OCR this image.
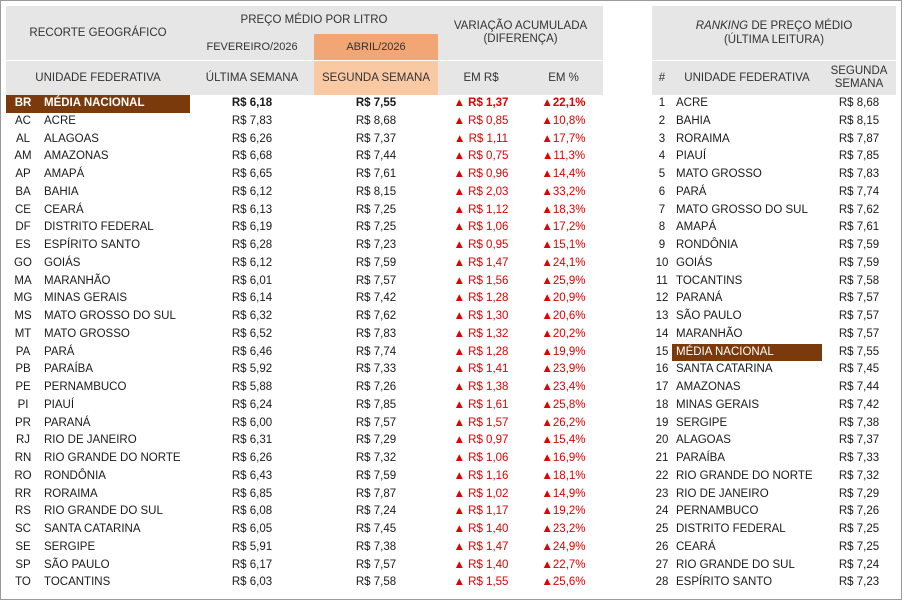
RECORTE GEOGRÁFICO		PREÇO MÉDIO POR LITRO		VARIAÇÃO ACUMULADA
(DIFERENÇA)	
		FEVEREIRO/2026	ABRIL/2026		
UNIDADE FEDERATIVA		ÚLTIMA SEMANA	SEGUNDA SEMANA	EM R$	EM %
BR	MÉDIA NACIONAL	R$ 6,18	R$ 7,55	▲ R$ 1,37	▲22,1%
AC	ACRE	R$ 7,83	R$ 8,68	▲ R$ 0,85	▲10,8%
AL	ALAGOAS	R$ 6,26	R$ 7,37	▲ R$ 1,11	▲17,7%
AM	AMAZONAS	R$ 6,68	R$ 7,44	▲ R$ 0,75	▲11,3%
AP	AMAPÁ	R$ 6,65	R$ 7,61	▲ R$ 0,96	▲14,4%
BA	BAHIA	R$ 6,12	R$ 8,15	▲ R$ 2,03	▲33,2%
CE	CEARÁ	R$ 6,13	R$ 7,25	▲ R$ 1,12	▲18,3%
DF	DISTRITO FEDERAL	R$ 6,19	R$ 7,25	▲ R$ 1,06	▲17,2%
ES	ESPÍRITO SANTO	R$ 6,28	R$ 7,23	▲ R$ 0,95	▲15,1%
GO	GOIÁS	R$ 6,12	R$ 7,59	▲ R$ 1,47	▲24,1%
MA	MARANHÃO	R$ 6,01	R$ 7,57	▲ R$ 1,56	▲25,9%
MG	MINAS GERAIS	R$ 6,14	R$ 7,42	▲ R$ 1,28	▲20,9%
MS	MATO GROSSO DO SUL	R$ 6,32	R$ 7,62	▲ R$ 1,30	▲20,6%
MT	MATO GROSSO	R$ 6,52	R$ 7,83	▲ R$ 1,32	▲20,2%
PA	PARÁ	R$ 6,46	R$ 7,74	▲ R$ 1,28	▲19,9%
PB	PARAÍBA	R$ 5,92	R$ 7,33	▲ R$ 1,41	▲23,9%
PE	PERNAMBUCO	R$ 5,88	R$ 7,26	▲ R$ 1,38	▲23,4%
PI	PIAUÍ	R$ 6,24	R$ 7,85	▲ R$ 1,61	▲25,8%
PR	PARANÁ	R$ 6,00	R$ 7,57	▲ R$ 1,57	▲26,2%
RJ	RIO DE JANEIRO	R$ 6,31	R$ 7,29	▲ R$ 0,97	▲15,4%
RN	RIO GRANDE DO NORTE	R$ 6,26	R$ 7,32	▲ R$ 1,06	▲16,9%
RO	RONDÔNIA	R$ 6,43	R$ 7,59	▲ R$ 1,16	▲18,1%
RR	RORAIMA	R$ 6,85	R$ 7,87	▲ R$ 1,02	▲14,9%
RS	RIO GRANDE DO SUL	R$ 6,08	R$ 7,24	▲ R$ 1,17	▲19,2%
SC	SANTA CATARINA	R$ 6,05	R$ 7,45	▲ R$ 1,40	▲23,2%
SE	SERGIPE	R$ 5,91	R$ 7,38	▲ R$ 1,47	▲24,9%
SP	SÃO PAULO	R$ 6,17	R$ 7,57	▲ R$ 1,40	▲22,7%
TO	TOCANTINS	R$ 6,03	R$ 7,58	▲ R$ 1,55	▲25,6%
RANKING DE PREÇO MÉDIO
(ÚLTIMA LEITURA)		

#	UNIDADE FEDERATIVA	SEGUNDA
SEMANA
1	ACRE	R$ 8,68
2	BAHIA	R$ 8,15
3	RORAIMA	R$ 7,87
4	PIAUÍ	R$ 7,85
5	MATO GROSSO	R$ 7,83
6	PARÁ	R$ 7,74
7	MATO GROSSO DO SUL	R$ 7,62
8	AMAPÁ	R$ 7,61
9	RONDÔNIA	R$ 7,59
10	GOIÁS	R$ 7,59
11	TOCANTINS	R$ 7,58
12	PARANÁ	R$ 7,57
13	SÃO PAULO	R$ 7,57
14	MARANHÃO	R$ 7,57
15	MÉDIA NACIONAL	R$ 7,55
16	SANTA CATARINA	R$ 7,45
17	AMAZONAS	R$ 7,44
18	MINAS GERAIS	R$ 7,42
19	SERGIPE	R$ 7,38
20	ALAGOAS	R$ 7,37
21	PARAÍBA	R$ 7,33
22	RIO GRANDE DO NORTE	R$ 7,32
23	RIO DE JANEIRO	R$ 7,29
24	PERNAMBUCO	R$ 7,26
25	DISTRITO FEDERAL	R$ 7,25
26	CEARÁ	R$ 7,25
27	RIO GRANDE DO SUL	R$ 7,24
28	ESPÍRITO SANTO	R$ 7,23
